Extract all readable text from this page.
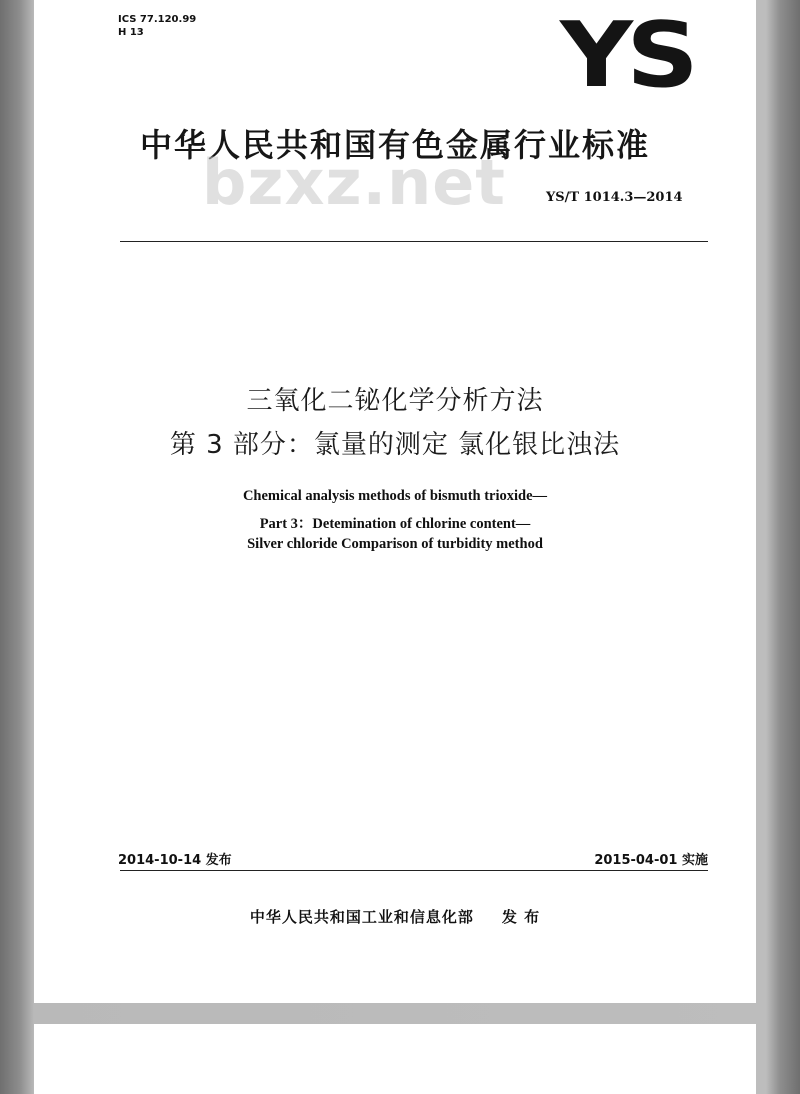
ICS 77.120.99
H 13	YS
中华人民共和国有色金属行业标准
bzxz.net	YS/T 1014.3—2014
三氧化二铋化学分析方法
第 3 部分：氯量的测定 氯化银比浊法
Chemical analysis methods of bismuth trioxide—
Part 3：Detemination of chlorine content—
Silver chloride Comparison of turbidity method
2014-10-14 发布	2015-04-01 实施
中华人民共和国工业和信息化部 发 布
